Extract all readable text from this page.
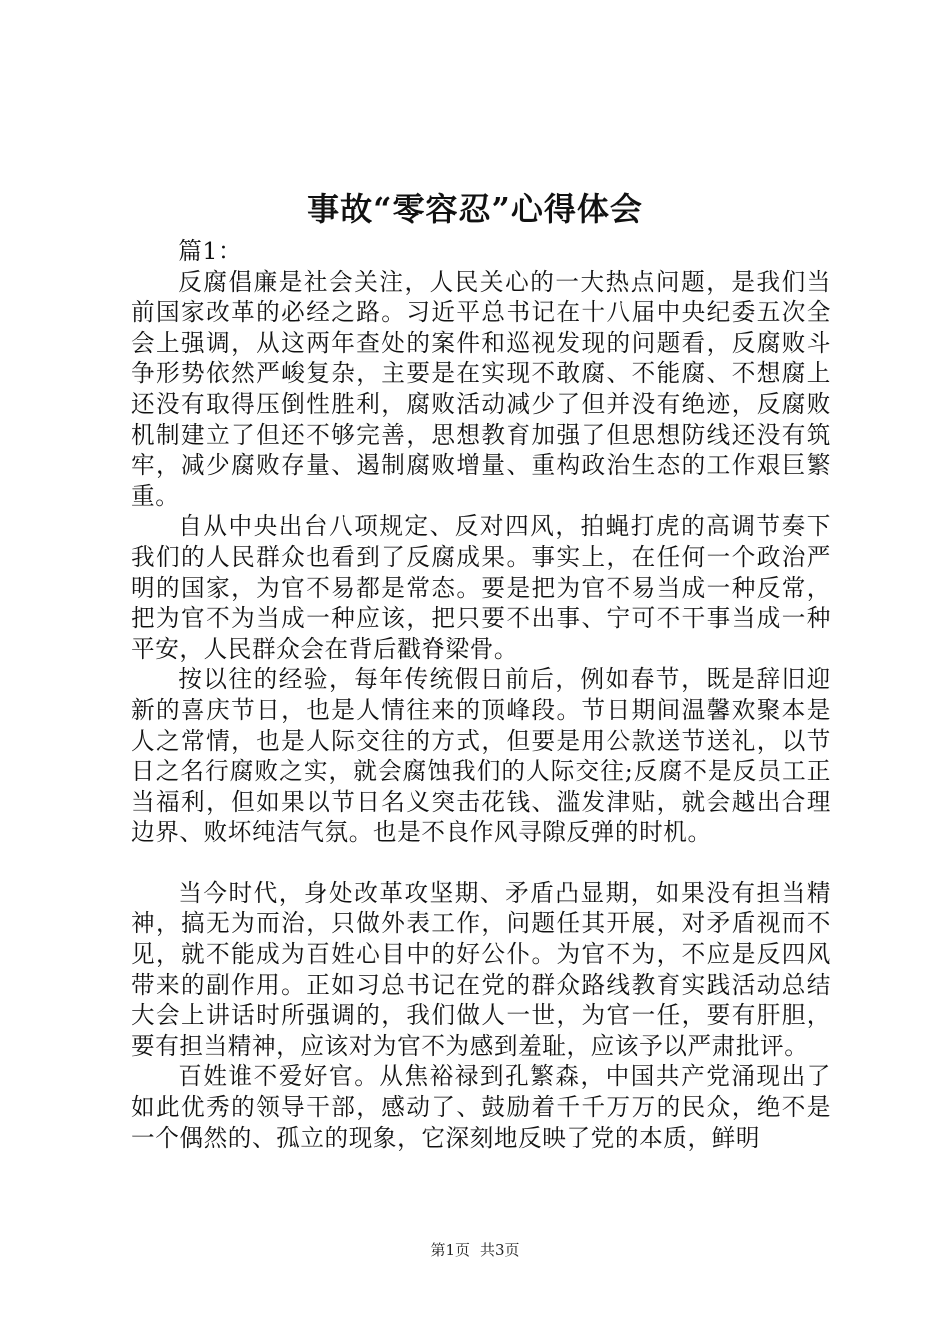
事故“零容忍”心得体会

篇1：

反腐倡廉是社会关注，人民关心的一大热点问题，是我们当前国家改革的必经之路。习近平总书记在十八届中央纪委五次全会上强调，从这两年查处的案件和巡视发现的问题看，反腐败斗争形势依然严峻复杂，主要是在实现不敢腐、不能腐、不想腐上还没有取得压倒性胜利，腐败活动减少了但并没有绝迹，反腐败机制建立了但还不够完善，思想教育加强了但思想防线还没有筑牢，减少腐败存量、遏制腐败增量、重构政治生态的工作艰巨繁重。

自从中央出台八项规定、反对四风，拍蝇打虎的高调节奏下我们的人民群众也看到了反腐成果。事实上，在任何一个政治严明的国家，为官不易都是常态。要是把为官不易当成一种反常，把为官不为当成一种应该，把只要不出事、宁可不干事当成一种平安，人民群众会在背后戳脊梁骨。

按以往的经验，每年传统假日前后，例如春节，既是辞旧迎新的喜庆节日，也是人情往来的顶峰段。节日期间温馨欢聚本是人之常情，也是人际交往的方式，但要是用公款送节送礼，以节日之名行腐败之实，就会腐蚀我们的人际交往;反腐不是反员工正当福利，但如果以节日名义突击花钱、滥发津贴，就会越出合理边界、败坏纯洁气氛。也是不良作风寻隙反弹的时机。

当今时代，身处改革攻坚期、矛盾凸显期，如果没有担当精神，搞无为而治，只做外表工作，问题任其开展，对矛盾视而不见，就不能成为百姓心目中的好公仆。为官不为，不应是反四风带来的副作用。正如习总书记在党的群众路线教育实践活动总结大会上讲话时所强调的，我们做人一世，为官一任，要有肝胆，要有担当精神，应该对为官不为感到羞耻，应该予以严肃批评。

百姓谁不爱好官。从焦裕禄到孔繁森，中国共产党涌现出了如此优秀的领导干部，感动了、鼓励着千千万万的民众，绝不是一个偶然的、孤立的现象，它深刻地反映了党的本质，鲜明

第1页 共3页
